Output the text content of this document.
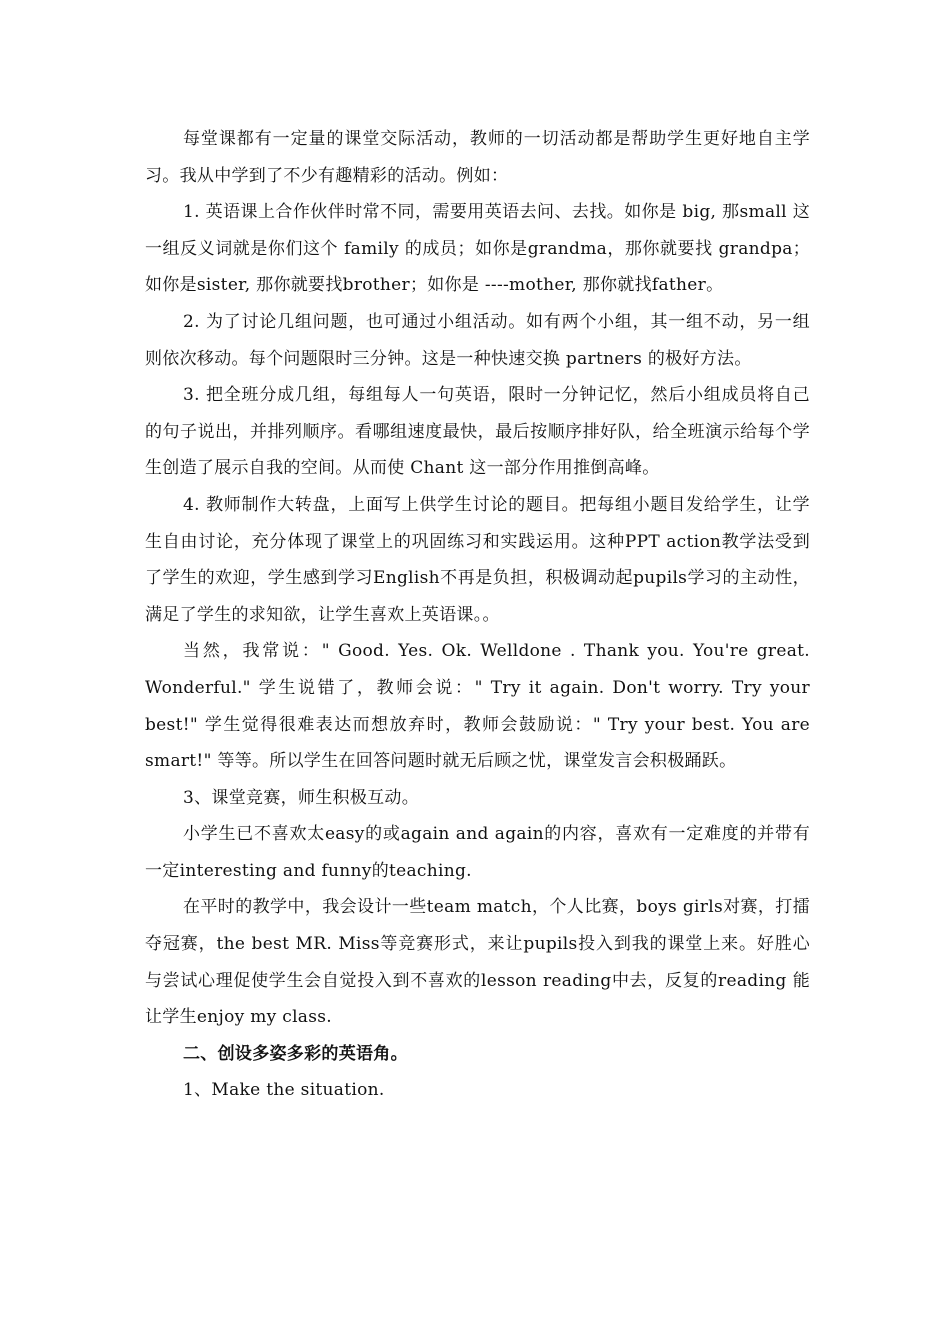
每堂课都有一定量的课堂交际活动，教师的一切活动都是帮助学生更好地自主学习。我从中学到了不少有趣精彩的活动。例如：

1. 英语课上合作伙伴时常不同，需要用英语去问、去找。如你是 big, 那small 这一组反义词就是你们这个 family 的成员；如你是grandma，那你就要找 grandpa；如你是sister, 那你就要找brother；如你是 ----mother, 那你就找father。

2. 为了讨论几组问题，也可通过小组活动。如有两个小组，其一组不动，另一组则依次移动。每个问题限时三分钟。这是一种快速交换 partners 的极好方法。

3. 把全班分成几组，每组每人一句英语，限时一分钟记忆，然后小组成员将自己的句子说出，并排列顺序。看哪组速度最快，最后按顺序排好队，给全班演示给每个学生创造了展示自我的空间。从而使 Chant 这一部分作用推倒高峰。

4. 教师制作大转盘，上面写上供学生讨论的题目。把每组小题目发给学生，让学生自由讨论，充分体现了课堂上的巩固练习和实践运用。这种PPT action教学法受到了学生的欢迎，学生感到学习English不再是负担，积极调动起pupils学习的主动性，满足了学生的求知欲，让学生喜欢上英语课。。

当然，我常说：" Good. Yes. Ok. Welldone . Thank you. You're great. Wonderful." 学生说错了，教师会说：" Try it again. Don't worry. Try your best!" 学生觉得很难表达而想放弃时，教师会鼓励说：" Try your best. You are smart!" 等等。所以学生在回答问题时就无后顾之忧，课堂发言会积极踊跃。

3、课堂竞赛，师生积极互动。

小学生已不喜欢太easy的或again and again的内容，喜欢有一定难度的并带有一定interesting and funny的teaching.

在平时的教学中，我会设计一些team match，个人比赛，boys girls对赛，打擂夺冠赛，the best MR. Miss等竞赛形式，来让pupils投入到我的课堂上来。好胜心与尝试心理促使学生会自觉投入到不喜欢的lesson reading中去，反复的reading 能让学生enjoy my class.

二、创设多姿多彩的英语角。

1、Make the situation.
